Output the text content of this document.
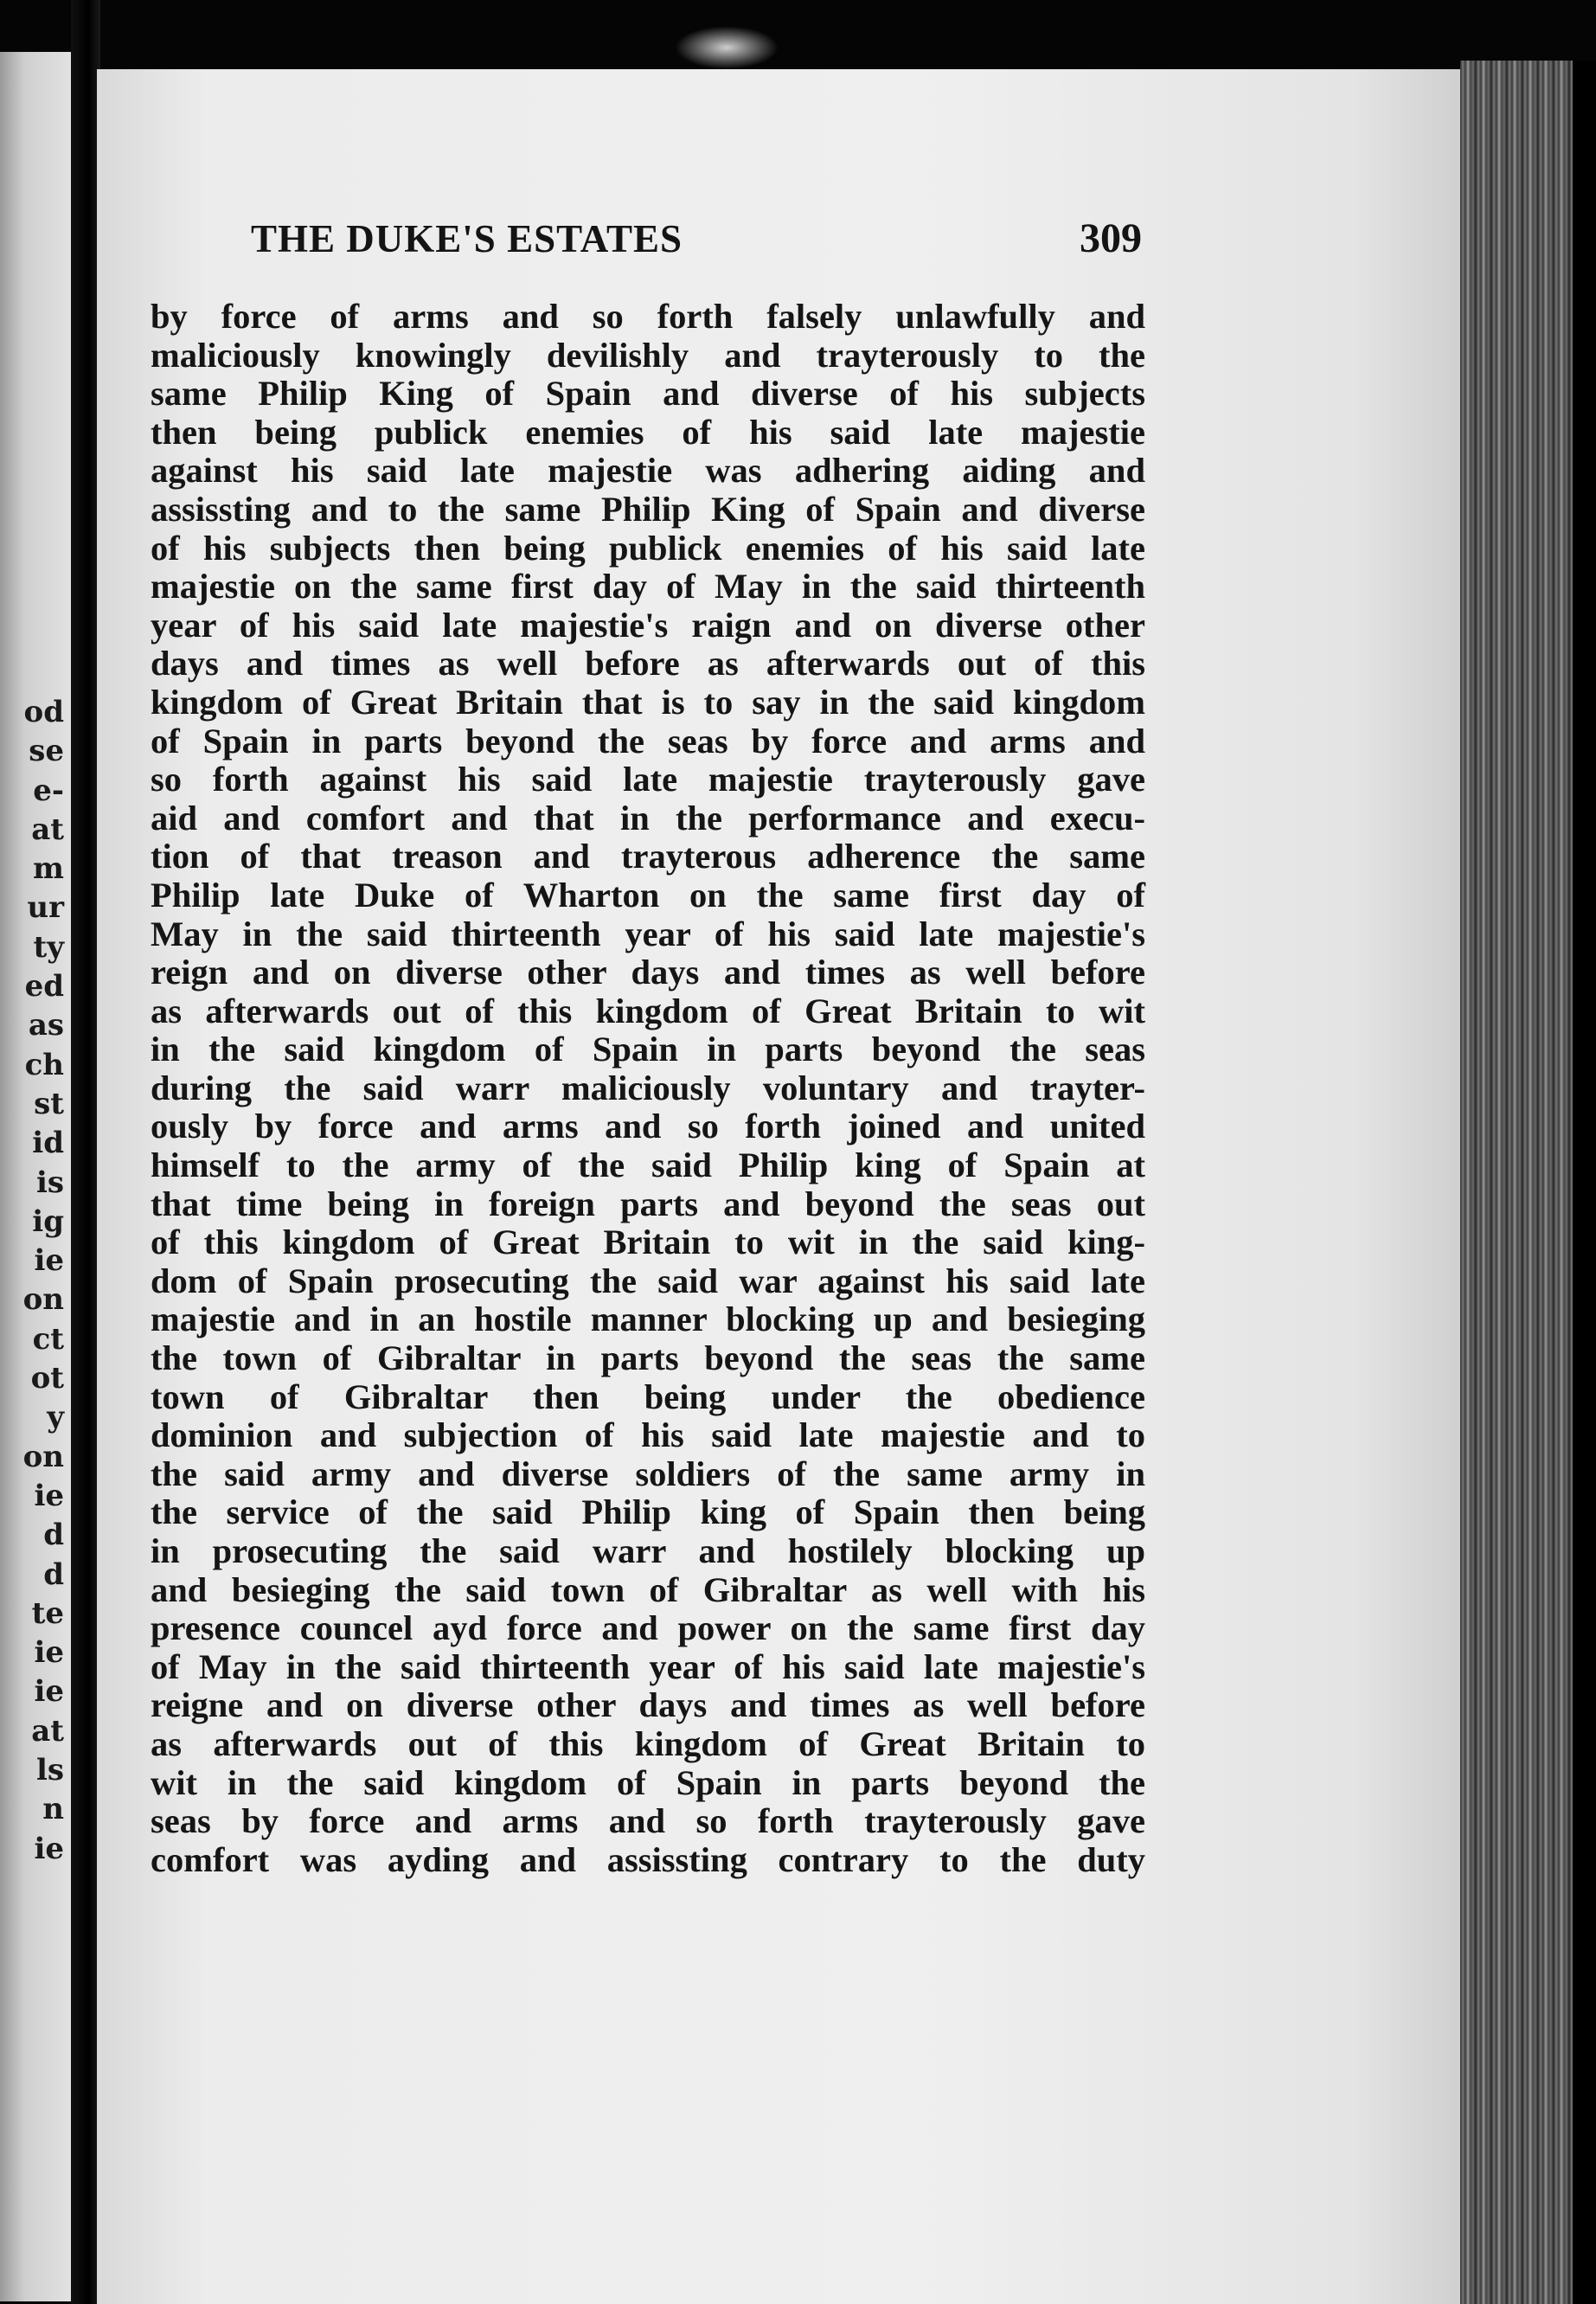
od
se
e-
at
m
ur
ty
ed
as
ch
st
id
is
ig
ie
on
ct
ot
y
on
ie
d
d
te
ie
ie
at
ls
n
ie
THE DUKE'S ESTATES	309
by force of arms and so forth falsely unlawfully and
maliciously knowingly devilishly and trayterously to the
same Philip King of Spain and diverse of his subjects
then being publick enemies of his said late majestie
against his said late majestie was adhering aiding and
assissting and to the same Philip King of Spain and diverse
of his subjects then being publick enemies of his said late
majestie on the same first day of May in the said thirteenth
year of his said late majestie's raign and on diverse other
days and times as well before as afterwards out of this
kingdom of Great Britain that is to say in the said kingdom
of Spain in parts beyond the seas by force and arms and
so forth against his said late majestie trayterously gave
aid and comfort and that in the performance and execu-
tion of that treason and trayterous adherence the same
Philip late Duke of Wharton on the same first day of
May in the said thirteenth year of his said late majestie's
reign and on diverse other days and times as well before
as afterwards out of this kingdom of Great Britain to wit
in the said kingdom of Spain in parts beyond the seas
during the said warr maliciously voluntary and trayter-
ously by force and arms and so forth joined and united
himself to the army of the said Philip king of Spain at
that time being in foreign parts and beyond the seas out
of this kingdom of Great Britain to wit in the said king-
dom of Spain prosecuting the said war against his said late
majestie and in an hostile manner blocking up and besieging
the town of Gibraltar in parts beyond the seas the same
town of Gibraltar then being under the obedience
dominion and subjection of his said late majestie and to
the said army and diverse soldiers of the same army in
the service of the said Philip king of Spain then being
in prosecuting the said warr and hostilely blocking up
and besieging the said town of Gibraltar as well with his
presence councel ayd force and power on the same first day
of May in the said thirteenth year of his said late majestie's
reigne and on diverse other days and times as well before
as afterwards out of this kingdom of Great Britain to
wit in the said kingdom of Spain in parts beyond the
seas by force and arms and so forth trayterously gave
comfort was ayding and assissting contrary to the duty
